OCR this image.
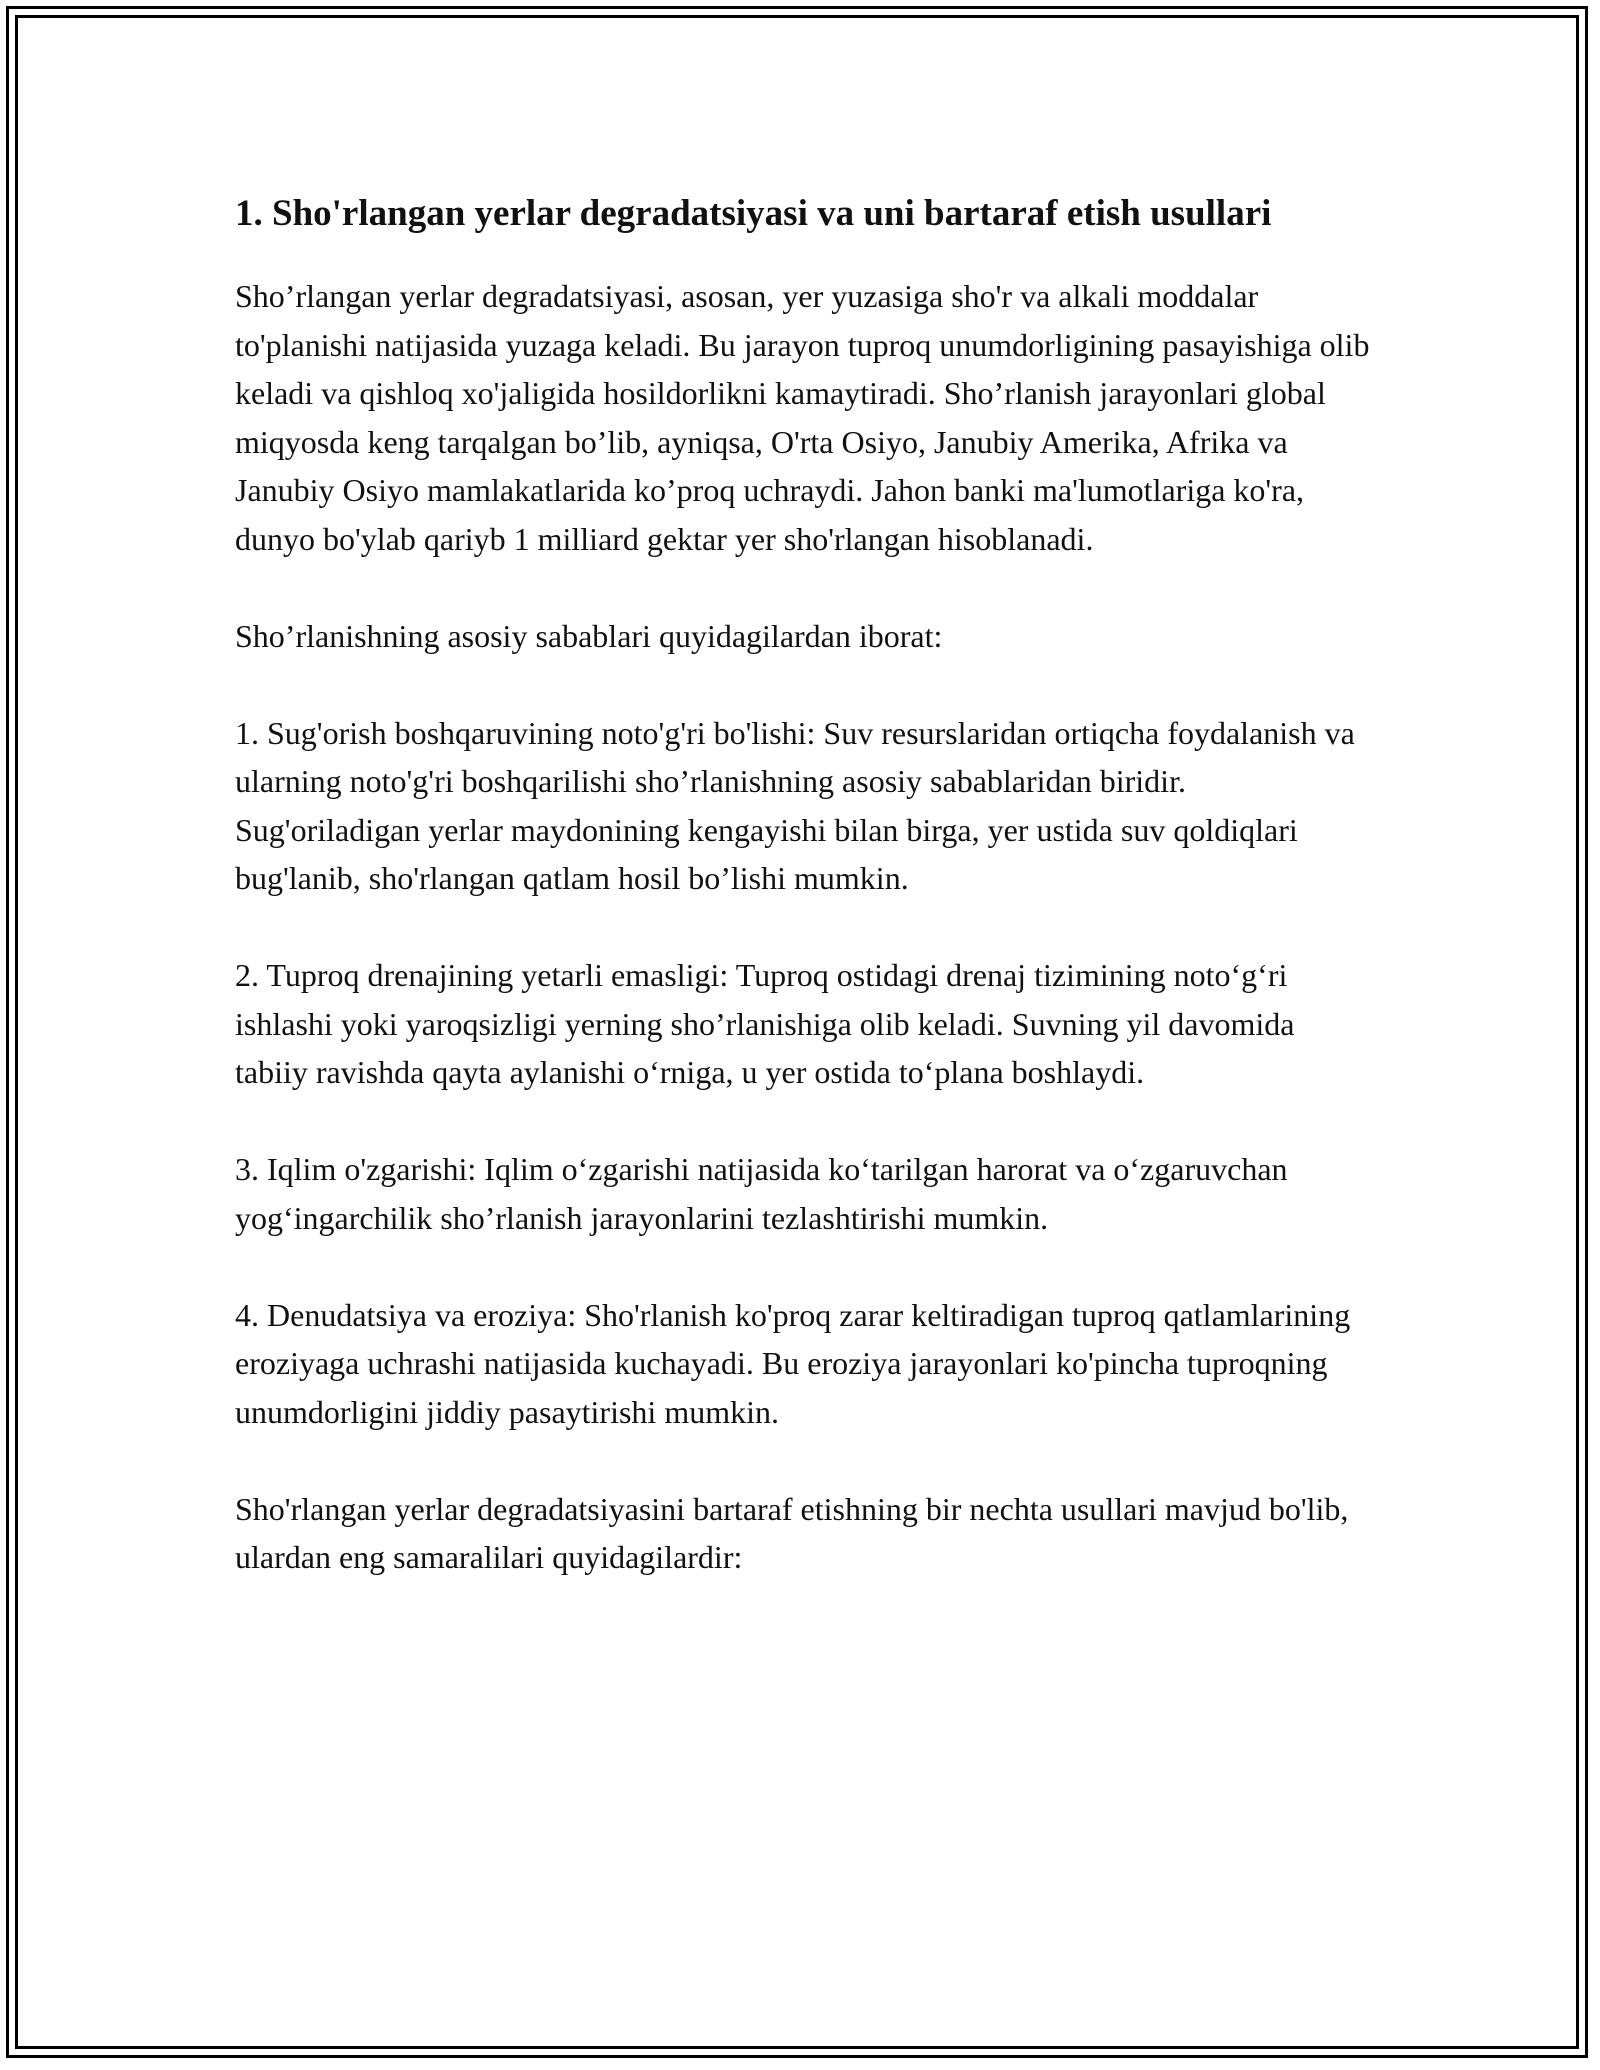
1. Sho'rlangan yerlar degradatsiyasi va uni bartaraf etish usullari

Sho’rlangan yerlar degradatsiyasi, asosan, yer yuzasiga sho'r va alkali moddalar to'planishi natijasida yuzaga keladi. Bu jarayon tuproq unumdorligining pasayishiga olib keladi va qishloq xo'jaligida hosildorlikni kamaytiradi. Sho’rlanish jarayonlari global miqyosda keng tarqalgan bo’lib, ayniqsa, O'rta Osiyo, Janubiy Amerika, Afrika va Janubiy Osiyo mamlakatlarida ko’proq uchraydi. Jahon banki ma'lumotlariga ko'ra, dunyo bo'ylab qariyb 1 milliard gektar yer sho'rlangan hisoblanadi.

Sho’rlanishning asosiy sabablari quyidagilardan iborat:

1. Sug'orish boshqaruvining noto'g'ri bo'lishi: Suv resurslaridan ortiqcha foydalanish va ularning noto'g'ri boshqarilishi sho’rlanishning asosiy sabablaridan biridir. Sug'oriladigan yerlar maydonining kengayishi bilan birga, yer ustida suv qoldiqlari bug'lanib, sho'rlangan qatlam hosil bo’lishi mumkin.

2. Tuproq drenajining yetarli emasligi: Tuproq ostidagi drenaj tizimining noto‘g‘ri ishlashi yoki yaroqsizligi yerning sho’rlanishiga olib keladi. Suvning yil davomida tabiiy ravishda qayta aylanishi o‘rniga, u yer ostida to‘plana boshlaydi.

3. Iqlim o'zgarishi: Iqlim o‘zgarishi natijasida ko‘tarilgan harorat va o‘zgaruvchan yog‘ingarchilik sho’rlanish jarayonlarini tezlashtirishi mumkin.

4. Denudatsiya va eroziya: Sho'rlanish ko'proq zarar keltiradigan tuproq qatlamlarining eroziyaga uchrashi natijasida kuchayadi. Bu eroziya jarayonlari ko'pincha tuproqning unumdorligini jiddiy pasaytirishi mumkin.

Sho'rlangan yerlar degradatsiyasini bartaraf etishning bir nechta usullari mavjud bo'lib, ulardan eng samaralilari quyidagilardir:
